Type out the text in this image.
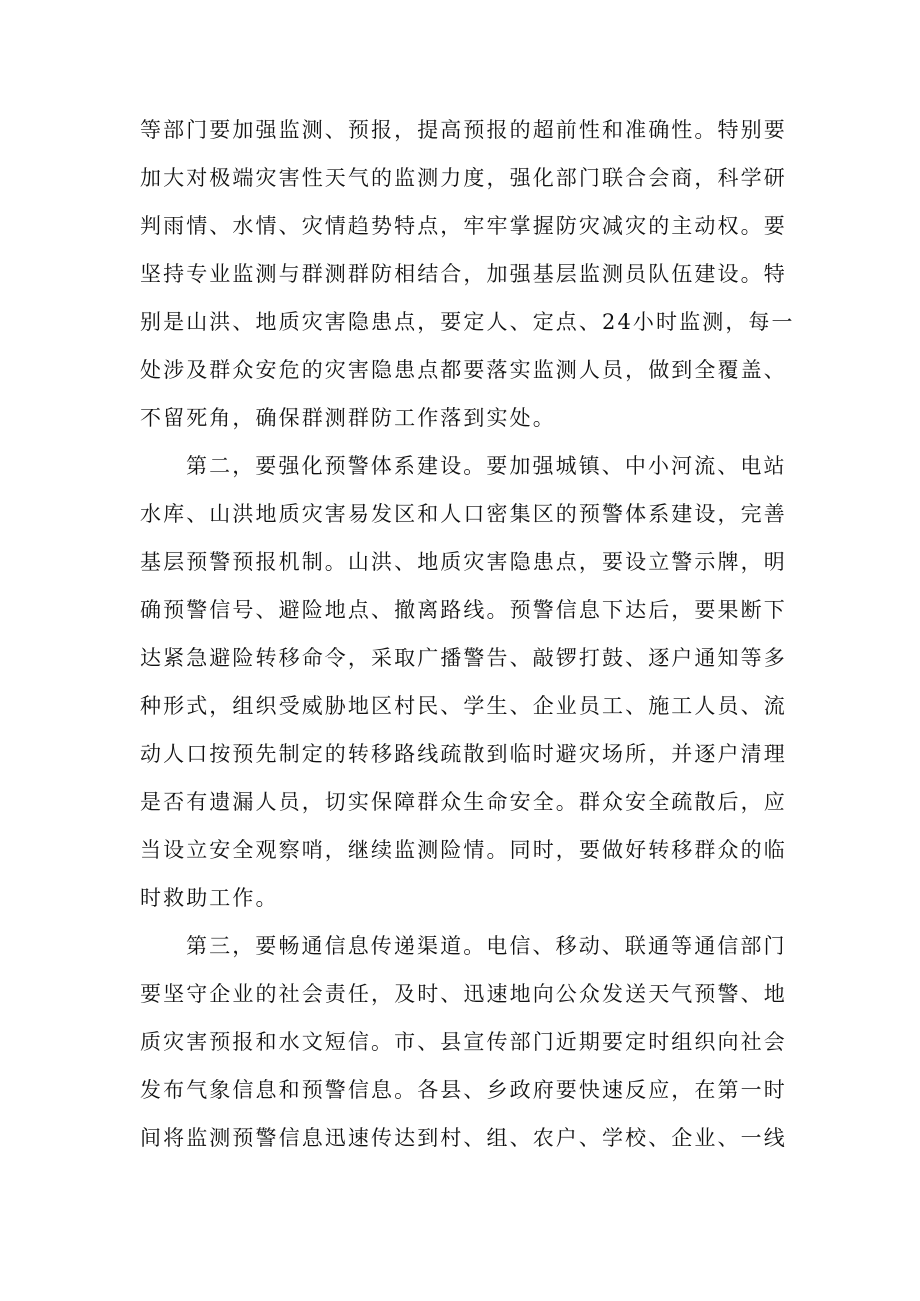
等部门要加强监测、预报，提高预报的超前性和准确性。特别要
加大对极端灾害性天气的监测力度，强化部门联合会商，科学研
判雨情、水情、灾情趋势特点，牢牢掌握防灾减灾的主动权。要
坚持专业监测与群测群防相结合，加强基层监测员队伍建设。特
别是山洪、地质灾害隐患点，要定人、定点、24小时监测，每一
处涉及群众安危的灾害隐患点都要落实监测人员，做到全覆盖、
不留死角，确保群测群防工作落到实处。
第二，要强化预警体系建设。要加强城镇、中小河流、电站
水库、山洪地质灾害易发区和人口密集区的预警体系建设，完善
基层预警预报机制。山洪、地质灾害隐患点，要设立警示牌，明
确预警信号、避险地点、撤离路线。预警信息下达后，要果断下
达紧急避险转移命令，采取广播警告、敲锣打鼓、逐户通知等多
种形式，组织受威胁地区村民、学生、企业员工、施工人员、流
动人口按预先制定的转移路线疏散到临时避灾场所，并逐户清理
是否有遗漏人员，切实保障群众生命安全。群众安全疏散后，应
当设立安全观察哨，继续监测险情。同时，要做好转移群众的临
时救助工作。
第三，要畅通信息传递渠道。电信、移动、联通等通信部门
要坚守企业的社会责任，及时、迅速地向公众发送天气预警、地
质灾害预报和水文短信。市、县宣传部门近期要定时组织向社会
发布气象信息和预警信息。各县、乡政府要快速反应，在第一时
间将监测预警信息迅速传达到村、组、农户、学校、企业、一线
